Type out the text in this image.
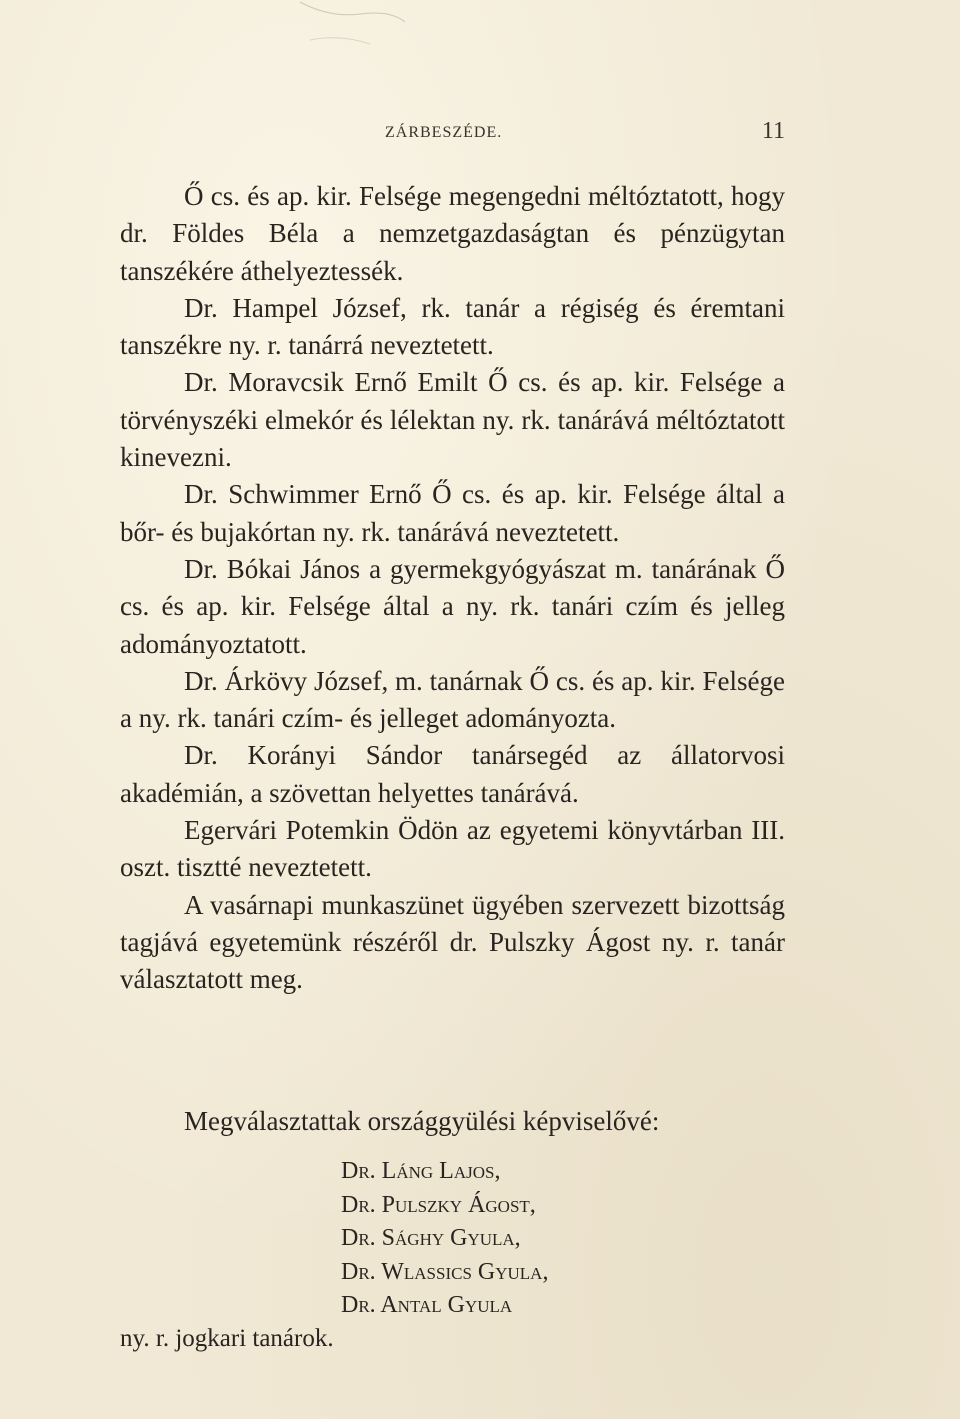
ZÁRBESZÉDE.	11

Ő cs. és ap. kir. Felsége megengedni méltóztatott, hogy dr. Földes Béla a nemzetgazdaságtan és pénzügytan tanszékére áthelyeztessék.

Dr. Hampel József, rk. tanár a régiség és éremtani tanszékre ny. r. tanárrá neveztetett.

Dr. Moravcsik Ernő Emilt Ő cs. és ap. kir. Felsége a törvényszéki elmekór és lélektan ny. rk. tanárává méltóztatott kinevezni.

Dr. Schwimmer Ernő Ő cs. és ap. kir. Felsége által a bőr- és bujakórtan ny. rk. tanárává neveztetett.

Dr. Bókai János a gyermekgyógyászat m. tanárának Ő cs. és ap. kir. Felsége által a ny. rk. tanári czím és jelleg adományoztatott.

Dr. Árkövy József, m. tanárnak Ő cs. és ap. kir. Felsége a ny. rk. tanári czím- és jelleget adományozta.

Dr. Korányi Sándor tanársegéd az állatorvosi akadémián, a szövettan helyettes tanárává.

Egervári Potemkin Ödön az egyetemi könyvtárban III. oszt. tisztté neveztetett.

A vasárnapi munkaszünet ügyében szervezett bizottság tagjává egyetemünk részéről dr. Pulszky Ágost ny. r. tanár választatott meg.

Megválasztattak országgyülési képviselővé:
Dr. Láng Lajos,
Dr. Pulszky Ágost,
Dr. Sághy Gyula,
Dr. Wlassics Gyula,
Dr. Antal Gyula
ny. r. jogkari tanárok.
